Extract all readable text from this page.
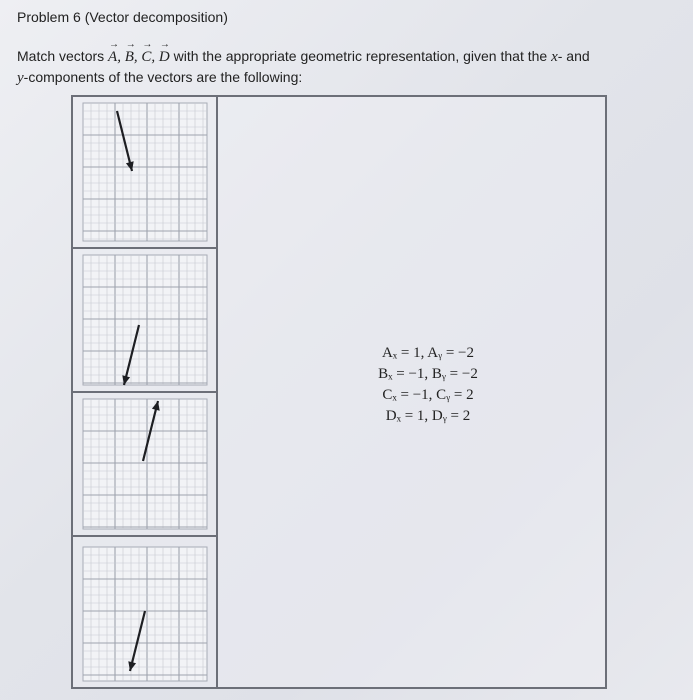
Problem 6 (Vector decomposition)
Match vectors → A, → B, → C, → D with the appropriate geometric representation, given that the x- and
y-components of the vectors are the following:
Aₓ = 1, Aᵧ = −2
Bₓ = −1, Bᵧ = −2
Cₓ = −1, Cᵧ = 2
Dₓ = 1, Dᵧ = 2
